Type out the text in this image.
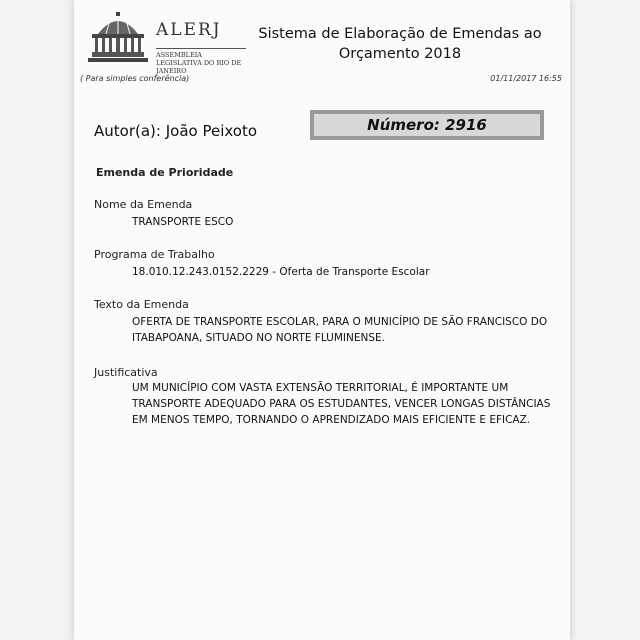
ALERJ
ASSEMBLEIA LEGISLATIVA DO RIO DE JANEIRO
Sistema de Elaboração de Emendas ao
Orçamento 2018
( Para simples conferência)	01/11/2017 16:55
Autor(a): João Peixoto	Número: 2916
Emenda de Prioridade
Nome da Emenda
TRANSPORTE ESCO
Programa de Trabalho
18.010.12.243.0152.2229 - Oferta de Transporte Escolar
Texto da Emenda
OFERTA DE TRANSPORTE ESCOLAR, PARA O MUNICÍPIO DE SÃO FRANCISCO DO
ITABAPOANA, SITUADO NO NORTE FLUMINENSE.
Justificativa
UM MUNICÍPIO COM VASTA EXTENSÃO TERRITORIAL, É IMPORTANTE UM
TRANSPORTE ADEQUADO PARA OS ESTUDANTES, VENCER LONGAS DISTÂNCIAS
EM MENOS TEMPO, TORNANDO O APRENDIZADO MAIS EFICIENTE E EFICAZ.
